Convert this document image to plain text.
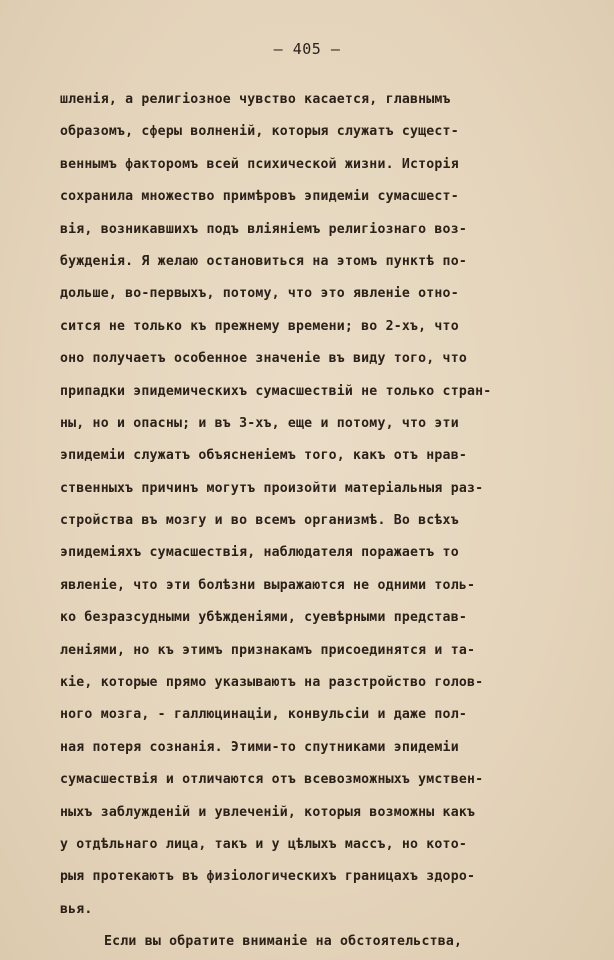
– 405 –
шленія, а религіозное чувство касается, главнымъ
образомъ, сферы волненій, которыя служатъ сущест-
веннымъ факторомъ всей психической жизни. Исторія
сохранила множество примѣровъ эпидеміи сумасшест-
вія, возникавшихъ подъ вліяніемъ религіознаго воз-
бужденія. Я желаю остановиться на этомъ пунктѣ по-
дольше, во-первыхъ, потому, что это явленіе отно-
сится не только къ прежнему времени; во 2-хъ, что
оно получаетъ особенное значеніе въ виду того, что
припадки эпидемическихъ сумасшествій не только стран-
ны, но и опасны; и въ 3-хъ, еще и потому, что эти
эпидеміи служатъ объясненіемъ того, какъ отъ нрав-
ственныхъ причинъ могутъ произойти матеріальныя раз-
стройства въ мозгу и во всемъ организмѣ. Во всѣхъ
эпидеміяхъ сумасшествія, наблюдателя поражаетъ то
явленіе, что эти болѣзни выражаются не одними толь-
ко безразсудными убѣжденіями, суевѣрными представ-
леніями, но къ этимъ признакамъ присоединятся и та-
кіе, которые прямо указываютъ на разстройство голов-
ного мозга, - галлюцинаціи, конвульсіи и даже пол-
ная потеря сознанія. Этими-то спутниками эпидеміи
сумасшествія и отличаются отъ всевозможныхъ умствен-
ныхъ заблужденій и увлеченій, которыя возможны какъ
у отдѣльнаго лица, такъ и у цѣлыхъ массъ, но кото-
рыя протекаютъ въ физіологическихъ границахъ здоро-
вья.
Если вы обратите вниманіе на обстоятельства,
